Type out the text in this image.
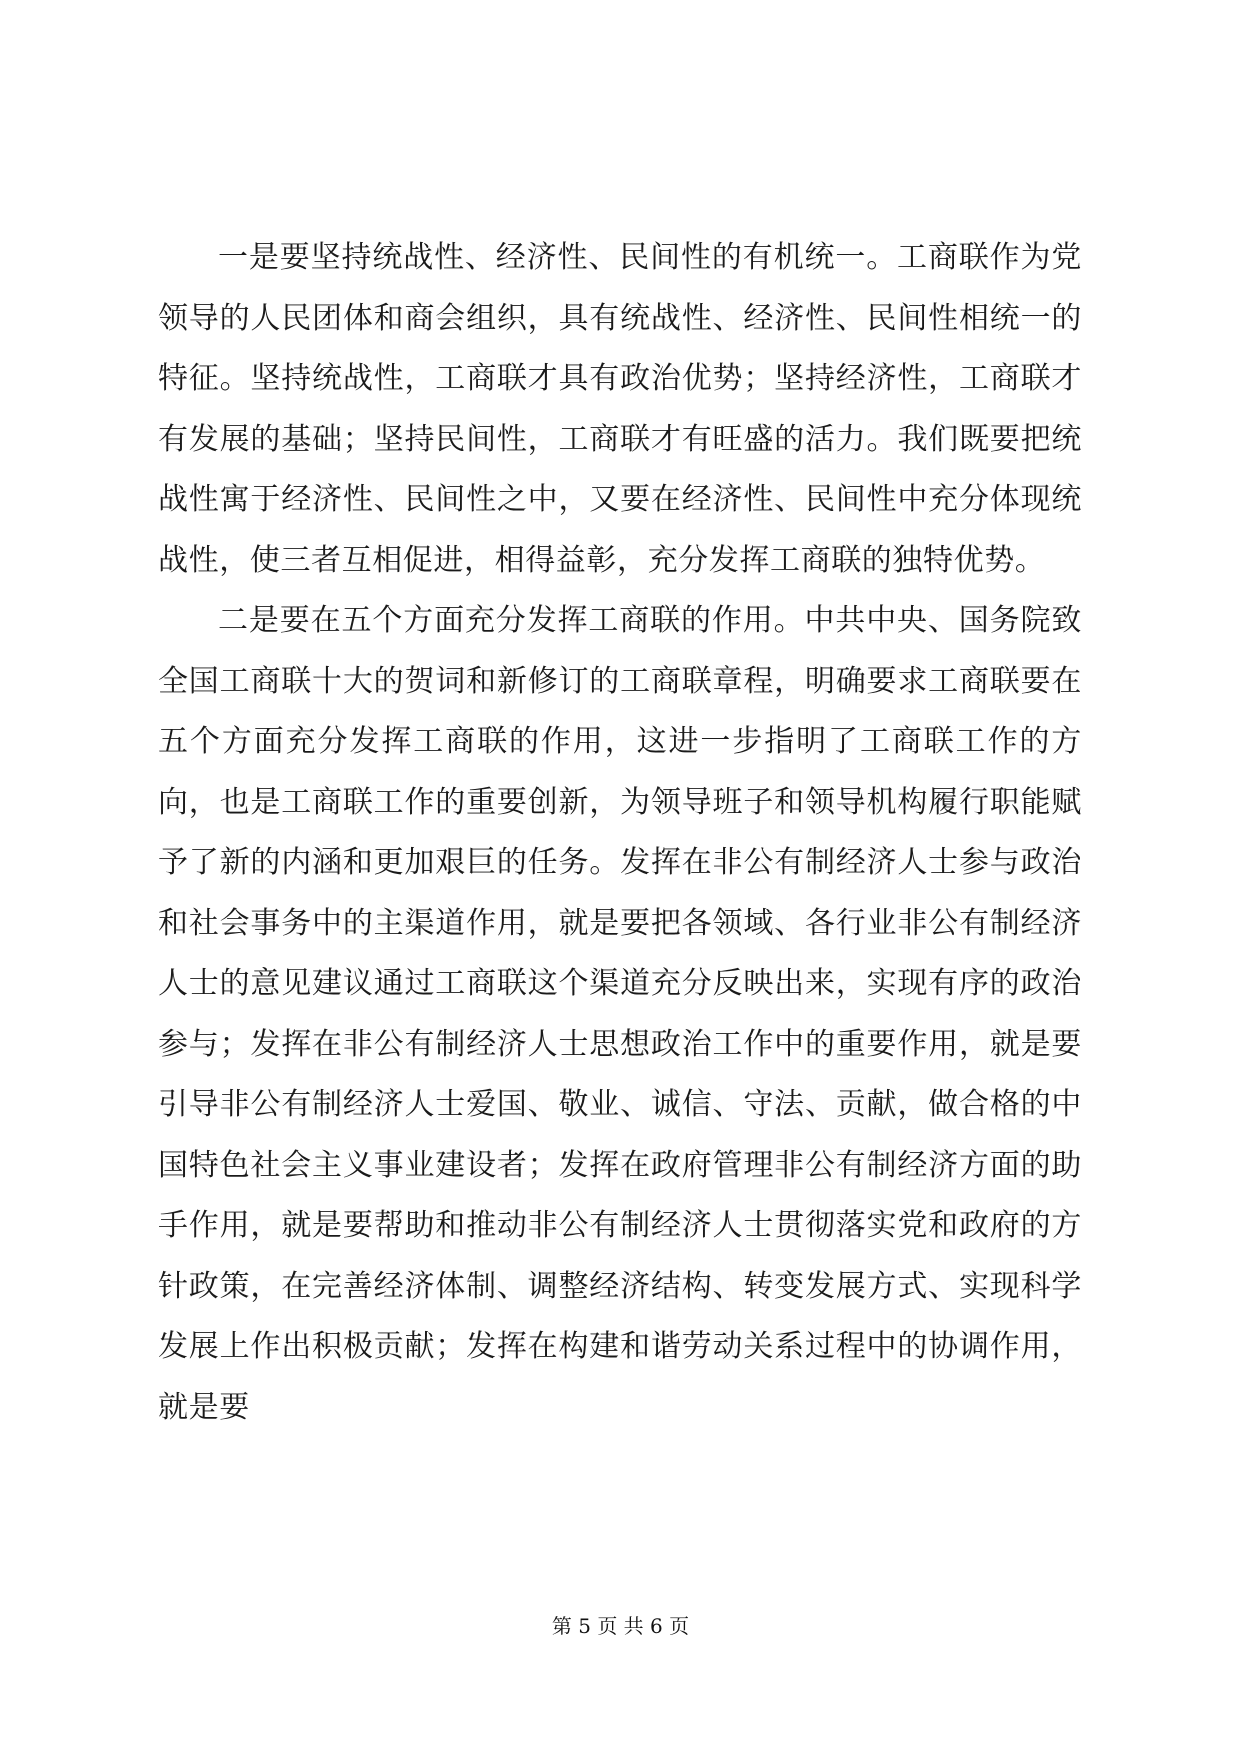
一是要坚持统战性、经济性、民间性的有机统一。工商联作为党领导的人民团体和商会组织，具有统战性、经济性、民间性相统一的特征。坚持统战性，工商联才具有政治优势；坚持经济性，工商联才有发展的基础；坚持民间性，工商联才有旺盛的活力。我们既要把统战性寓于经济性、民间性之中，又要在经济性、民间性中充分体现统战性，使三者互相促进，相得益彰，充分发挥工商联的独特优势。

二是要在五个方面充分发挥工商联的作用。中共中央、国务院致全国工商联十大的贺词和新修订的工商联章程，明确要求工商联要在五个方面充分发挥工商联的作用，这进一步指明了工商联工作的方向，也是工商联工作的重要创新，为领导班子和领导机构履行职能赋予了新的内涵和更加艰巨的任务。发挥在非公有制经济人士参与政治和社会事务中的主渠道作用，就是要把各领域、各行业非公有制经济人士的意见建议通过工商联这个渠道充分反映出来，实现有序的政治参与；发挥在非公有制经济人士思想政治工作中的重要作用，就是要引导非公有制经济人士爱国、敬业、诚信、守法、贡献，做合格的中国特色社会主义事业建设者；发挥在政府管理非公有制经济方面的助手作用，就是要帮助和推动非公有制经济人士贯彻落实党和政府的方针政策，在完善经济体制、调整经济结构、转变发展方式、实现科学发展上作出积极贡献；发挥在构建和谐劳动关系过程中的协调作用，就是要

第 5 页 共 6 页
